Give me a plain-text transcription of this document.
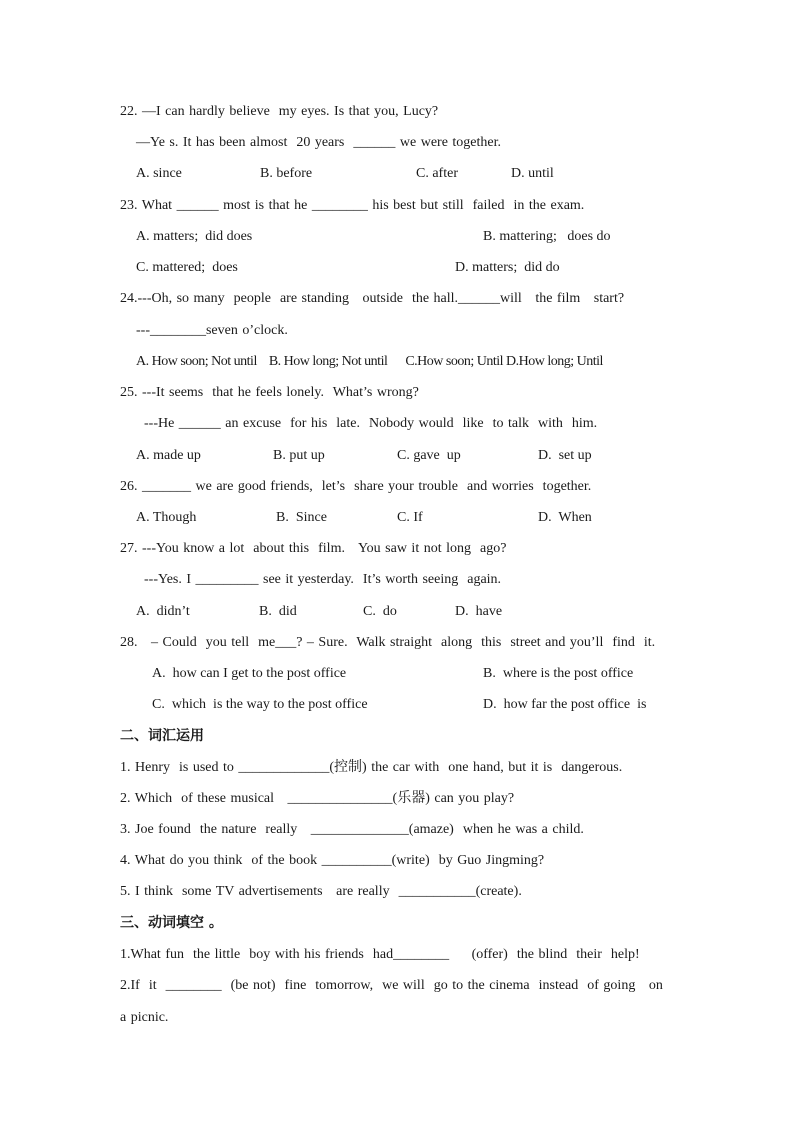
22. —I can hardly believe  my eyes. Is that you, Lucy?
—Ye s. It has been almost  20 years  ______ we were together.
A. since	B. before	C. after	D. until
23. What ______ most is that he ________ his best but still  failed  in the exam.
A. matters;  did does	B. mattering;   does do
C. mattered;  does	D. matters;  did do
24.---Oh, so many  people  are standing   outside  the hall.______will   the film   start?
---________seven o’clock.
A. How soon; Not until    B. How long; Not until      C.How soon; Until D.How long; Until
25. ---It seems  that he feels lonely.  What’s wrong?
---He ______ an excuse  for his  late.  Nobody would  like  to talk  with  him.
A. made up	B. put up	C. gave  up	D.  set up
26. _______ we are good friends,  let’s  share your trouble  and worries  together.
A. Though	B.  Since	C. If	D.  When
27. ---You know a lot  about this  film.   You saw it not long  ago?
---Yes. I _________ see it yesterday.  It’s worth seeing  again.
A.  didn’t	B.  did	C.  do	D.  have
28.   – Could  you tell  me___? – Sure.  Walk straight  along  this  street and you’ll  find  it.
A.  how can I get to the post office	B.  where is the post office
C.  which  is the way to the post office	D.  how far the post office  is
二、词汇运用
1. Henry  is used to _____________(控制) the car with  one hand, but it is  dangerous.
2. Which  of these musical   _______________(乐器) can you play?
3. Joe found  the nature  really   ______________(amaze)  when he was a child.
4. What do you think  of the book __________(write)  by Guo Jingming?
5. I think  some TV advertisements   are really  ___________(create).
三、动词填空 。
1.What fun  the little  boy with his friends  had________     (offer)  the blind  their  help!
2.If  it  ________  (be not)  fine  tomorrow,  we will  go to the cinema  instead  of going   on
a picnic.
